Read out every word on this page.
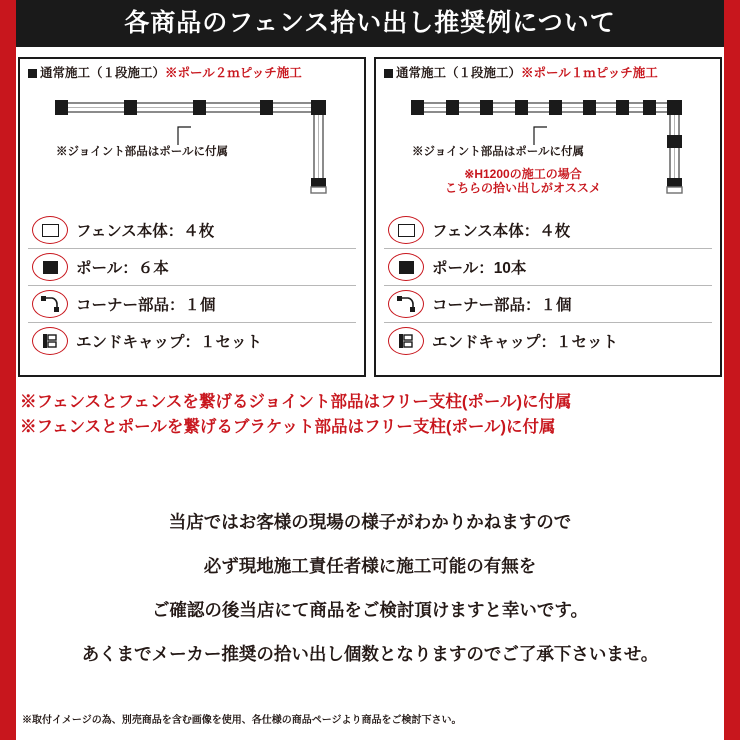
各商品のフェンス拾い出し推奨例について
通常施工（１段施工）※ポール２ｍピッチ施工
※ジョイント部品はポールに付属
フェンス本体：４枚
ポール：６本
コーナー部品：１個
エンドキャップ：１セット
通常施工（１段施工）※ポール１ｍピッチ施工
※ジョイント部品はポールに付属
※H1200の施工の場合
こちらの拾い出しがオススメ
フェンス本体：４枚
ポール：10本
コーナー部品：１個
エンドキャップ：１セット
※フェンスとフェンスを繋げるジョイント部品はフリー支柱(ポール)に付属
※フェンスとポールを繋げるブラケット部品はフリー支柱(ポール)に付属
当店ではお客様の現場の様子がわかりかねますので
必ず現地施工責任者様に施工可能の有無を
ご確認の後当店にて商品をご検討頂けますと幸いです。
あくまでメーカー推奨の拾い出し個数となりますのでご了承下さいませ。
※取付イメージの為、別売商品を含む画像を使用、各仕様の商品ページより商品をご検討下さい。
